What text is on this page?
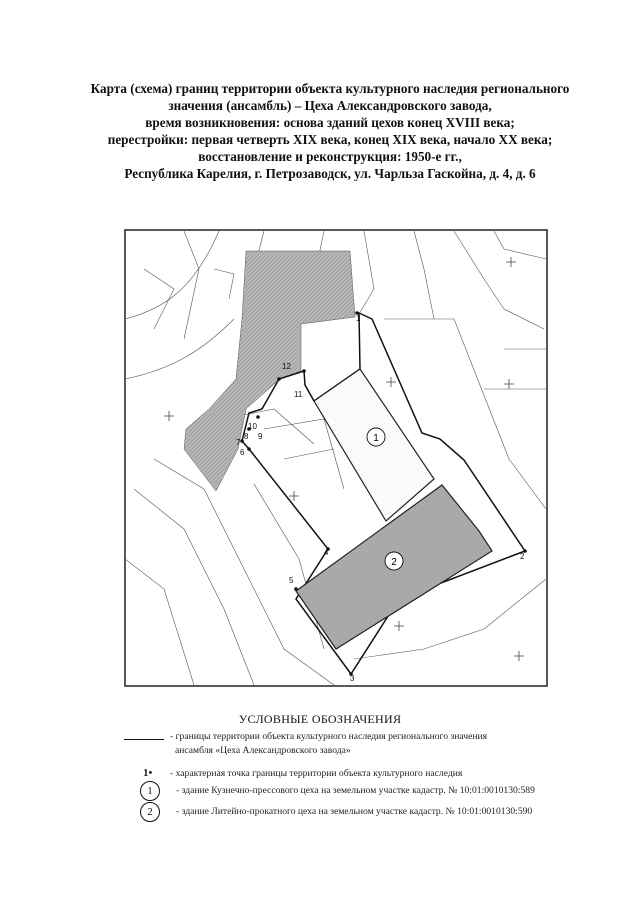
Карта (схема) границ территории объекта культурного наследия регионального
значения (ансамбль) – Цеха Александровского завода,
время возникновения: основа зданий цехов конец XVIII века;
перестройки: первая четверть XIX века, конец XIX века, начало XX века;
восстановление и реконструкция: 1950-е гг.,
Республика Карелия, г. Петрозаводск, ул. Чарльза Гаскойна, д. 4, д. 6
1
2
1
2
3
4
5
6
7
8 9
10
11
12
УСЛОВНЫЕ ОБОЗНАЧЕНИЯ
- границы территории объекта культурного наследия регионального значения
ансамбля «Цеха Александровского завода»
1• - характерная точка границы территории объекта культурного наследия
1	- здание Кузнечно-прессового цеха на земельном участке кадастр. № 10:01:0010130:589
2	- здание Литейно-прокатного цеха на земельном участке кадастр. № 10:01:0010130:590
